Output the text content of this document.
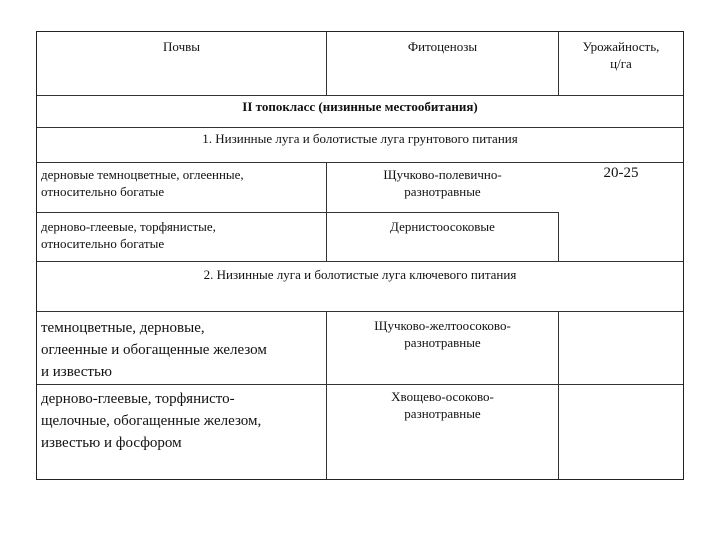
Почвы	Фитоценозы	Урожайность,
ц/га
II топокласс (низинные местообитания)
1. Низинные луга и болотистые луга грунтового питания
дерновые темноцветные, оглеенные,
относительно богатые
Щучково-полевично-
разнотравные
20-25
дерново-глеевые, торфянистые,
относительно богатые
Дернистоосоковые
2. Низинные луга и болотистые луга ключевого питания
темноцветные, дерновые,
оглеенные и обогащенные железом
и известью
Щучково-желтоосоково-
разнотравные
дерново-глеевые, торфянисто-
щелочные, обогащенные железом,
известью и фосфором
Хвощево-осоково-
разнотравные
